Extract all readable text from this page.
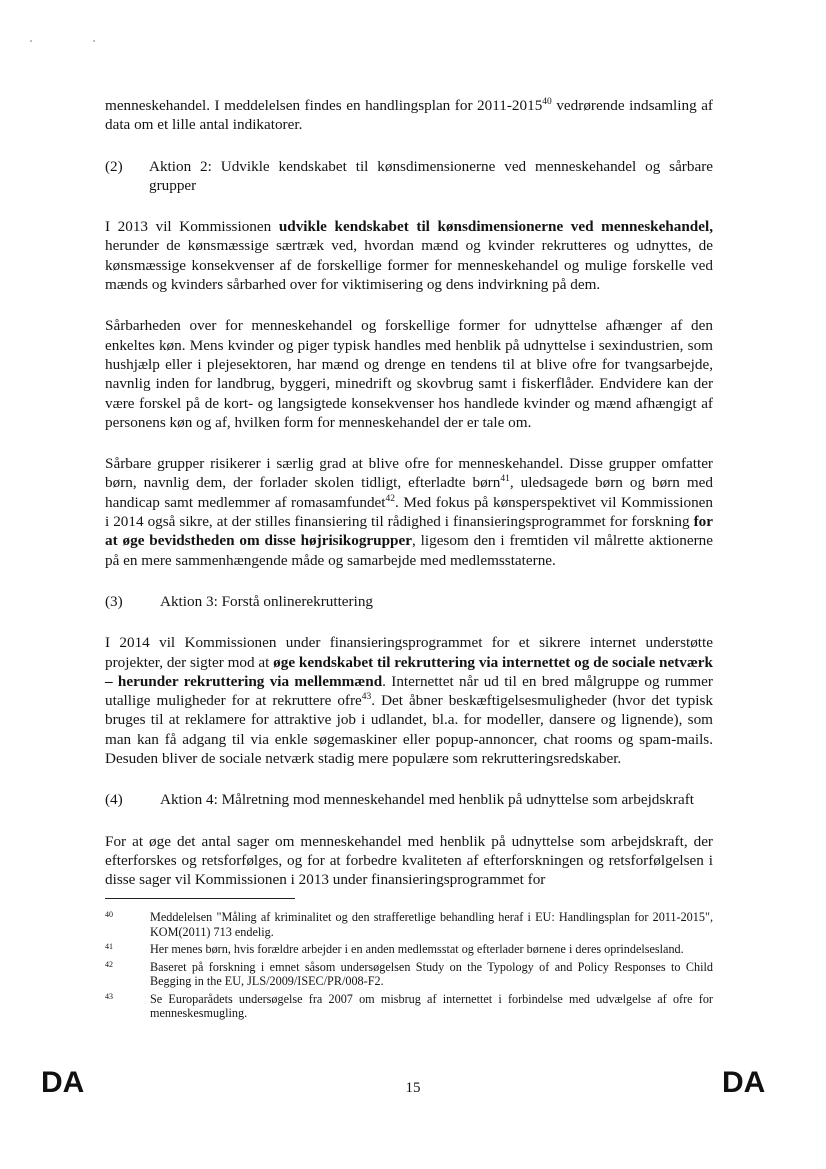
menneskehandel. I meddelelsen findes en handlingsplan for 2011-2015$^{40}$ vedrørende indsamling af data om et lille antal indikatorer.

(2)	Aktion 2: Udvikle kendskabet til kønsdimensionerne ved menneskehandel og sårbare grupper

I 2013 vil Kommissionen udvikle kendskabet til kønsdimensionerne ved menneskehandel, herunder de kønsmæssige særtræk ved, hvordan mænd og kvinder rekrutteres og udnyttes, de kønsmæssige konsekvenser af de forskellige former for menneskehandel og mulige forskelle ved mænds og kvinders sårbarhed over for viktimisering og dens indvirkning på dem.

Sårbarheden over for menneskehandel og forskellige former for udnyttelse afhænger af den enkeltes køn. Mens kvinder og piger typisk handles med henblik på udnyttelse i sexindustrien, som hushjælp eller i plejesektoren, har mænd og drenge en tendens til at blive ofre for tvangsarbejde, navnlig inden for landbrug, byggeri, minedrift og skovbrug samt i fiskerflåder. Endvidere kan der være forskel på de kort- og langsigtede konsekvenser hos handlede kvinder og mænd afhængigt af personens køn og af, hvilken form for menneskehandel der er tale om.

Sårbare grupper risikerer i særlig grad at blive ofre for menneskehandel. Disse grupper omfatter børn, navnlig dem, der forlader skolen tidligt, efterladte børn$^{41}$, uledsagede børn og børn med handicap samt medlemmer af romasamfundet$^{42}$. Med fokus på kønsperspektivet vil Kommissionen i 2014 også sikre, at der stilles finansiering til rådighed i finansieringsprogrammet for forskning for at øge bevidstheden om disse højrisikogrupper, ligesom den i fremtiden vil målrette aktionerne på en mere sammenhængende måde og samarbejde med medlemsstaterne.

(3)	Aktion 3: Forstå onlinerekruttering

I 2014 vil Kommissionen under finansieringsprogrammet for et sikrere internet understøtte projekter, der sigter mod at øge kendskabet til rekruttering via internettet og de sociale netværk – herunder rekruttering via mellemmænd. Internettet når ud til en bred målgruppe og rummer utallige muligheder for at rekruttere ofre$^{43}$. Det åbner beskæftigelsesmuligheder (hvor det typisk bruges til at reklamere for attraktive job i udlandet, bl.a. for modeller, dansere og lignende), som man kan få adgang til via enkle søgemaskiner eller popup-annoncer, chat rooms og spam-mails. Desuden bliver de sociale netværk stadig mere populære som rekrutteringsredskaber.

(4)	Aktion 4: Målretning mod menneskehandel med henblik på udnyttelse som arbejdskraft

For at øge det antal sager om menneskehandel med henblik på udnyttelse som arbejdskraft, der efterforskes og retsforfølges, og for at forbedre kvaliteten af efterforskningen og retsforfølgelsen i disse sager vil Kommissionen i 2013 under finansieringsprogrammet for

40	Meddelelsen "Måling af kriminalitet og den strafferetlige behandling heraf i EU: Handlingsplan for 2011-2015", KOM(2011) 713 endelig.
41	Her menes børn, hvis forældre arbejder i en anden medlemsstat og efterlader børnene i deres oprindelsesland.
42	Baseret på forskning i emnet såsom undersøgelsen Study on the Typology of and Policy Responses to Child Begging in the EU, JLS/2009/ISEC/PR/008-F2.
43	Se Europarådets undersøgelse fra 2007 om misbrug af internettet i forbindelse med udvælgelse af ofre for menneskesmugling.
DA	15	DA
